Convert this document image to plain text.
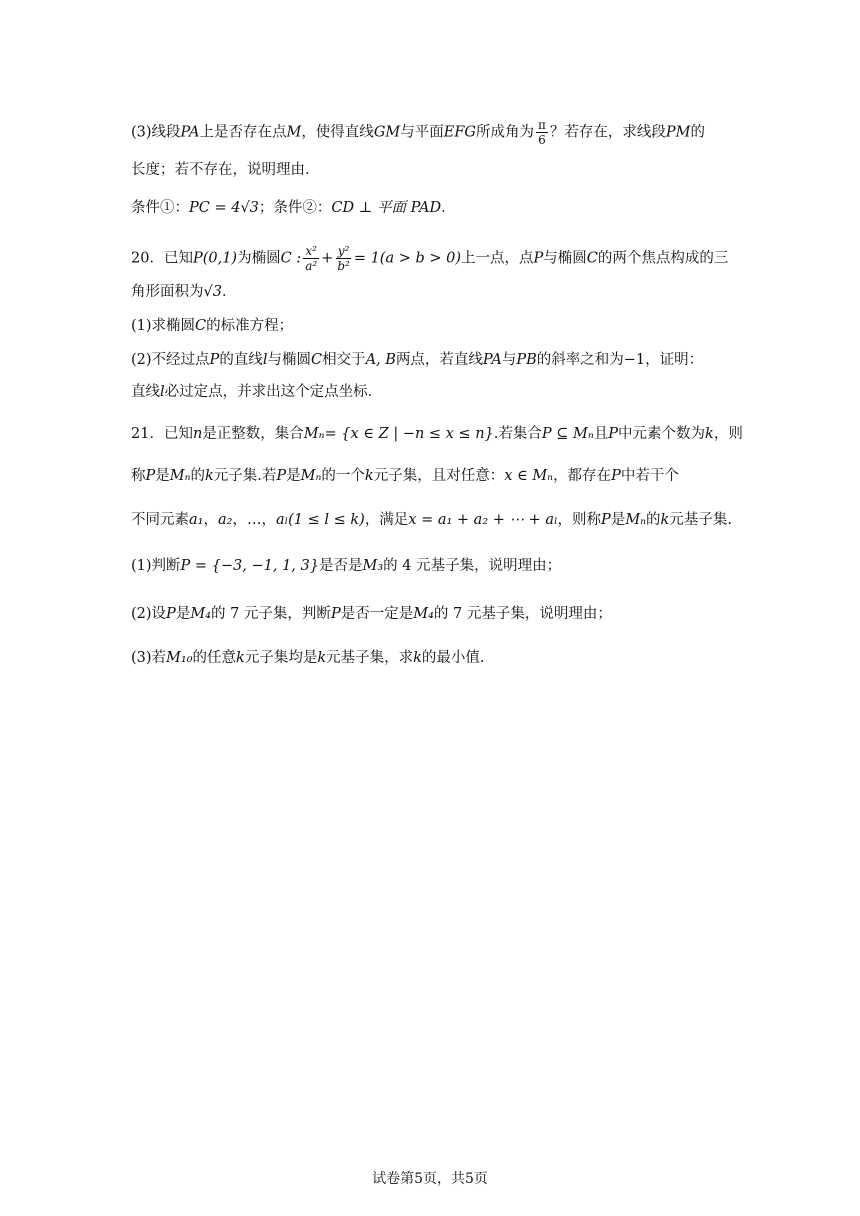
(3)线段PA上是否存在点M，使得直线GM与平面EFG所成角为 $\frac{\pi}{6}$ ？若存在，求线段PM的
长度；若不存在，说明理由．
条件①：PC = 4√3；条件②：CD ⊥ 平面 PAD．
20．已知P(0,1)为椭圆C : $\frac{\text{x²}}{\text{a²}} + \frac{\text{y²}}{\text{b²}} = 1(a > b > 0)$上一点，点P与椭圆C的两个焦点构成的三
角形面积为√3．
(1)求椭圆C的标准方程；
(2)不经过点P的直线l与椭圆C相交于A, B两点，若直线PA与PB的斜率之和为−1，证明：
直线l必过定点，并求出这个定点坐标．
21．已知n是正整数，集合Mₙ= {x ∈ Z | −n ≤ x ≤ n}.若集合P ⊆ Mₙ且P中元素个数为k，则
称P是Mₙ的k元子集.若P是Mₙ的一个k元子集，且对任意：x ∈ Mₙ，都存在P中若干个
不同元素a₁，a₂，…，aₗ(1 ≤ l ≤ k)，满足x = a₁ + a₂ + ⋯ + aₗ，则称P是Mₙ的k元基子集.
(1)判断P = {−3, −1, 1, 3}是否是M₃的 4 元基子集，说明理由；
(2)设P是M₄的 7 元子集，判断P是否一定是M₄的 7 元基子集，说明理由；
(3)若M₁₀的任意k元子集均是k元基子集，求k的最小值.
试卷第5页，共5页
